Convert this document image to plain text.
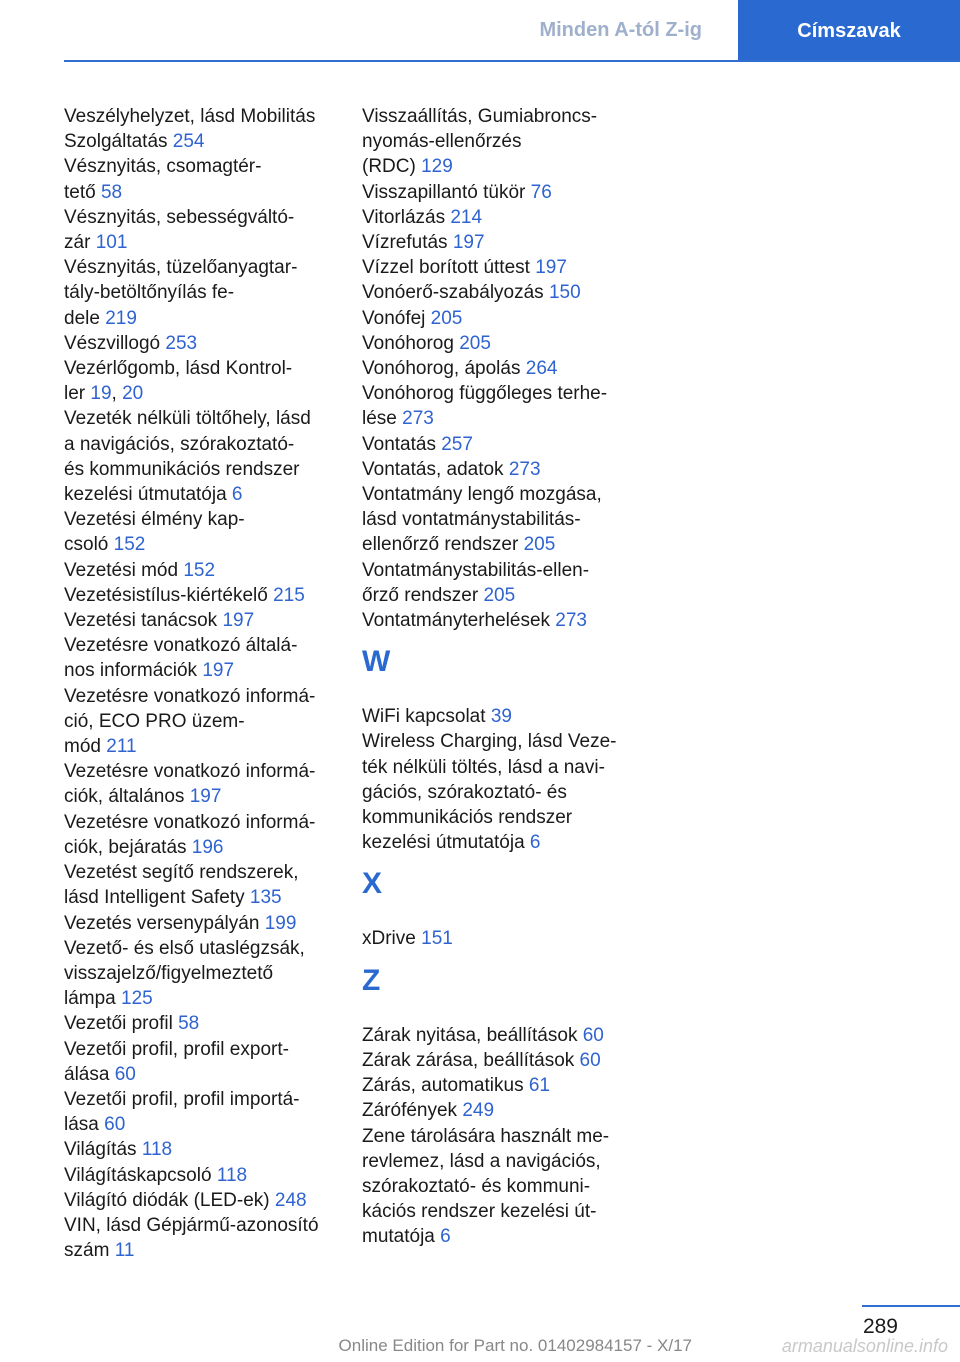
Minden A-tól Z-ig	Címszavak
Veszélyhelyzet, lásd Mobilitás
Szolgáltatás 254
Vésznyitás, csomagtér-
tető 58
Vésznyitás, sebességváltó-
zár 101
Vésznyitás, tüzelőanyagtar-
tály-betöltőnyílás fe-
dele 219
Vészvillogó 253
Vezérlőgomb, lásd Kontrol-
ler 19, 20
Vezeték nélküli töltőhely, lásd
a navigációs, szórakoztató-
és kommunikációs rendszer
kezelési útmutatója 6
Vezetési élmény kap-
csoló 152
Vezetési mód 152
Vezetésistílus-kiértékelő 215
Vezetési tanácsok 197
Vezetésre vonatkozó általá-
nos információk 197
Vezetésre vonatkozó informá-
ció, ECO PRO üzem-
mód 211
Vezetésre vonatkozó informá-
ciók, általános 197
Vezetésre vonatkozó informá-
ciók, bejáratás 196
Vezetést segítő rendszerek,
lásd Intelligent Safety 135
Vezetés versenypályán 199
Vezető- és első utaslégzsák,
visszajelző/figyelmeztető
lámpa 125
Vezetői profil 58
Vezetői profil, profil export-
álása 60
Vezetői profil, profil importá-
lása 60
Világítás 118
Világításkapcsoló 118
Világító diódák (LED-ek) 248
VIN, lásd Gépjármű-azonosító
szám 11
Visszaállítás, Gumiabroncs-
nyomás-ellenőrzés
(RDC) 129
Visszapillantó tükör 76
Vitorlázás 214
Vízrefutás 197
Vízzel borított úttest 197
Vonóerő-szabályozás 150
Vonófej 205
Vonóhorog 205
Vonóhorog, ápolás 264
Vonóhorog függőleges terhe-
lése 273
Vontatás 257
Vontatás, adatok 273
Vontatmány lengő mozgása,
lásd vontatmánystabilitás-
ellenőrző rendszer 205
Vontatmánystabilitás-ellen-
őrző rendszer 205
Vontatmányterhelések 273
W
WiFi kapcsolat 39
Wireless Charging, lásd Veze-
ték nélküli töltés, lásd a navi-
gációs, szórakoztató- és
kommunikációs rendszer
kezelési útmutatója 6
X
xDrive 151
Z
Zárak nyitása, beállítások 60
Zárak zárása, beállítások 60
Zárás, automatikus 61
Zárófények 249
Zene tárolására használt me-
revlemez, lásd a navigációs,
szórakoztató- és kommuni-
kációs rendszer kezelési út-
mutatója 6
289
Online Edition for Part no. 01402984157 - X/17	armanualsonline.info
